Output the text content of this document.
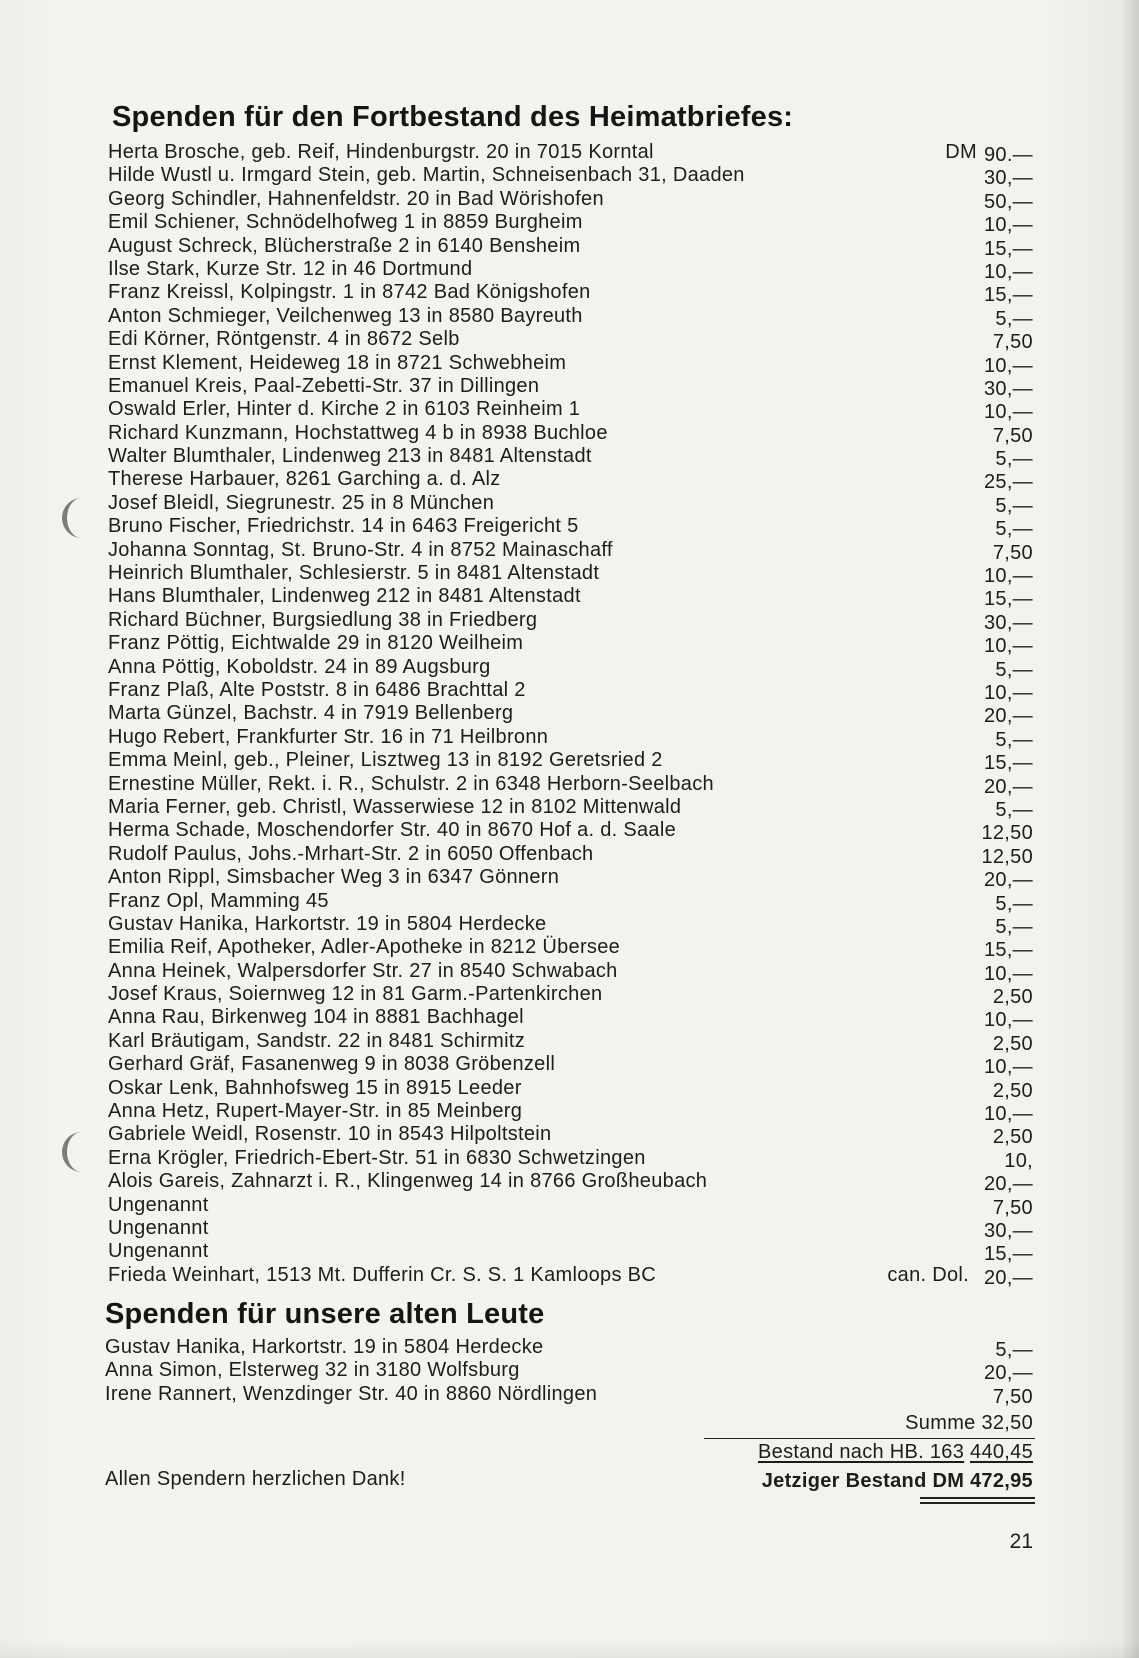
Spenden für den Fortbestand des Heimatbriefes:
Herta Brosche, geb. Reif, Hindenburgstr. 20 in 7015 Korntal	DM 90.—
Hilde Wustl u. Irmgard Stein, geb. Martin, Schneisenbach 31, Daaden	30,—
Georg Schindler, Hahnenfeldstr. 20 in Bad Wörishofen	50,—
Emil Schiener, Schnödelhofweg 1 in 8859 Burgheim	10,—
August Schreck, Blücherstraße 2 in 6140 Bensheim	15,—
Ilse Stark, Kurze Str. 12 in 46 Dortmund	10,—
Franz Kreissl, Kolpingstr. 1 in 8742 Bad Königshofen	15,—
Anton Schmieger, Veilchenweg 13 in 8580 Bayreuth	5,—
Edi Körner, Röntgenstr. 4 in 8672 Selb	7,50
Ernst Klement, Heideweg 18 in 8721 Schwebheim	10,—
Emanuel Kreis, Paal-Zebetti-Str. 37 in Dillingen	30,—
Oswald Erler, Hinter d. Kirche 2 in 6103 Reinheim 1	10,—
Richard Kunzmann, Hochstattweg 4 b in 8938 Buchloe	7,50
Walter Blumthaler, Lindenweg 213 in 8481 Altenstadt	5,—
Therese Harbauer, 8261 Garching a. d. Alz	25,—
Josef Bleidl, Siegrunestr. 25 in 8 München	5,—
Bruno Fischer, Friedrichstr. 14 in 6463 Freigericht 5	5,—
Johanna Sonntag, St. Bruno-Str. 4 in 8752 Mainaschaff	7,50
Heinrich Blumthaler, Schlesierstr. 5 in 8481 Altenstadt	10,—
Hans Blumthaler, Lindenweg 212 in 8481 Altenstadt	15,—
Richard Büchner, Burgsiedlung 38 in Friedberg	30,—
Franz Pöttig, Eichtwalde 29 in 8120 Weilheim	10,—
Anna Pöttig, Koboldstr. 24 in 89 Augsburg	5,—
Franz Plaß, Alte Poststr. 8 in 6486 Brachttal 2	10,—
Marta Günzel, Bachstr. 4 in 7919 Bellenberg	20,—
Hugo Rebert, Frankfurter Str. 16 in 71 Heilbronn	5,—
Emma Meinl, geb., Pleiner, Lisztweg 13 in 8192 Geretsried 2	15,—
Ernestine Müller, Rekt. i. R., Schulstr. 2 in 6348 Herborn-Seelbach	20,—
Maria Ferner, geb. Christl, Wasserwiese 12 in 8102 Mittenwald	5,—
Herma Schade, Moschendorfer Str. 40 in 8670 Hof a. d. Saale	12,50
Rudolf Paulus, Johs.-Mrhart-Str. 2 in 6050 Offenbach	12,50
Anton Rippl, Simsbacher Weg 3 in 6347 Gönnern	20,—
Franz Opl, Mamming 45	5,—
Gustav Hanika, Harkortstr. 19 in 5804 Herdecke	5,—
Emilia Reif, Apotheker, Adler-Apotheke in 8212 Übersee	15,—
Anna Heinek, Walpersdorfer Str. 27 in 8540 Schwabach	10,—
Josef Kraus, Soiernweg 12 in 81 Garm.-Partenkirchen	2,50
Anna Rau, Birkenweg 104 in 8881 Bachhagel	10,—
Karl Bräutigam, Sandstr. 22 in 8481 Schirmitz	2,50
Gerhard Gräf, Fasanenweg 9 in 8038 Gröbenzell	10,—
Oskar Lenk, Bahnhofsweg 15 in 8915 Leeder	2,50
Anna Hetz, Rupert-Mayer-Str. in 85 Meinberg	10,—
Gabriele Weidl, Rosenstr. 10 in 8543 Hilpoltstein	2,50
Erna Krögler, Friedrich-Ebert-Str. 51 in 6830 Schwetzingen	10,
Alois Gareis, Zahnarzt i. R., Klingenweg 14 in 8766 Großheubach	20,—
Ungenannt	7,50
Ungenannt	30,—
Ungenannt	15,—
Frieda Weinhart, 1513 Mt. Dufferin Cr. S. S. 1 Kamloops BC	can. Dol. 20,—
Spenden für unsere alten Leute
Gustav Hanika, Harkortstr. 19 in 5804 Herdecke	5,—
Anna Simon, Elsterweg 32 in 3180 Wolfsburg	20,—
Irene Rannert, Wenzdinger Str. 40 in 8860 Nördlingen	7,50
Summe 32,50
Bestand nach HB. 163 440,45
Allen Spendern herzlichen Dank!	Jetziger Bestand DM 472,95
21
